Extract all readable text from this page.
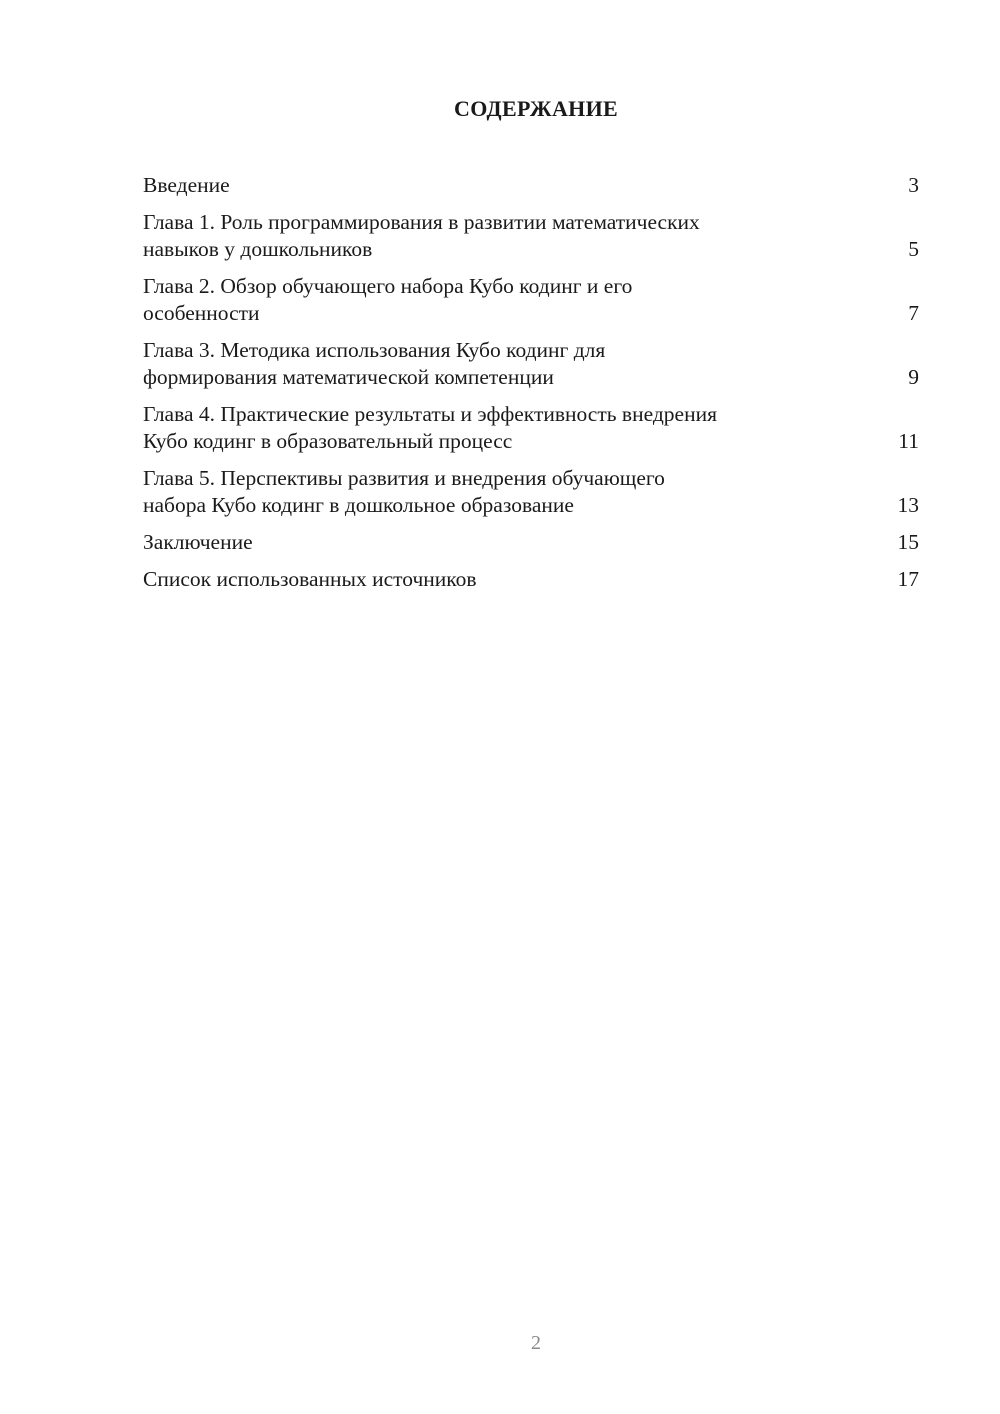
СОДЕРЖАНИЕ
Введение	3
Глава 1. Роль программирования в развитии математических
навыков у дошкольников	5
Глава 2. Обзор обучающего набора Кубо кодинг и его
особенности	7
Глава 3. Методика использования Кубо кодинг для
формирования математической компетенции	9
Глава 4. Практические результаты и эффективность внедрения
Кубо кодинг в образовательный процесс	11
Глава 5. Перспективы развития и внедрения обучающего
набора Кубо кодинг в дошкольное образование	13
Заключение	15
Список использованных источников	17
2
